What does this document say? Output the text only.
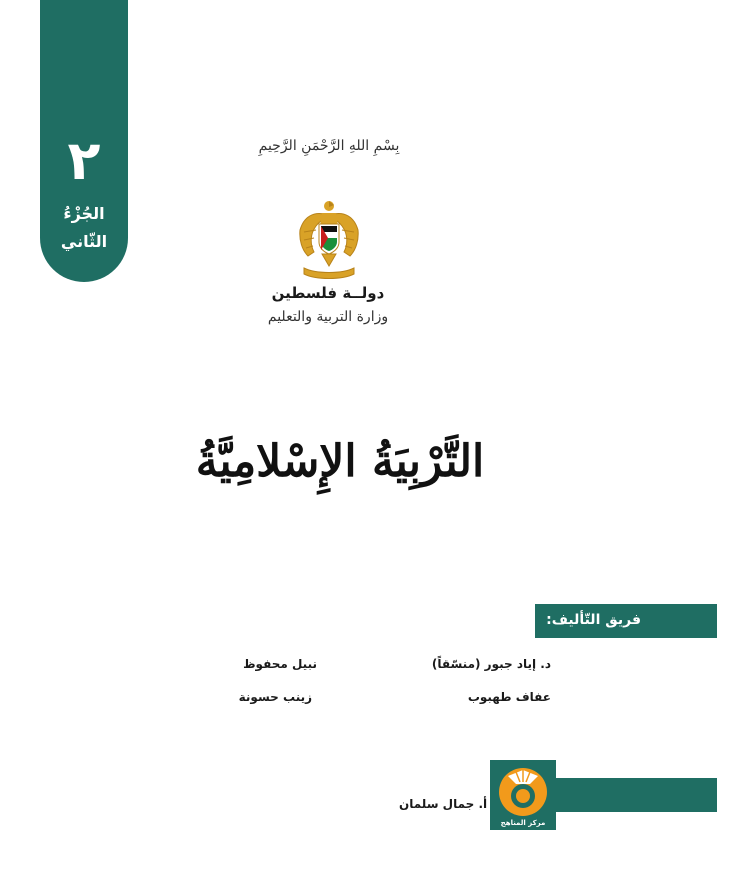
٢
الجُزْءُ
الثّاني
بِسْمِ اللهِ الرَّحْمَنِ الرَّحِيمِ
دولــة فلسطين
وزارة التربية والتعليم
التَّرْبِيَةُ الإِسْلامِيَّةُ
فريق التّأليف:
د. إياد جبور (منسّقاً)
نبيل محفوظ
عفاف طهبوب
زينب حسونة
مركز المناهج
أ. جمال سلمان
